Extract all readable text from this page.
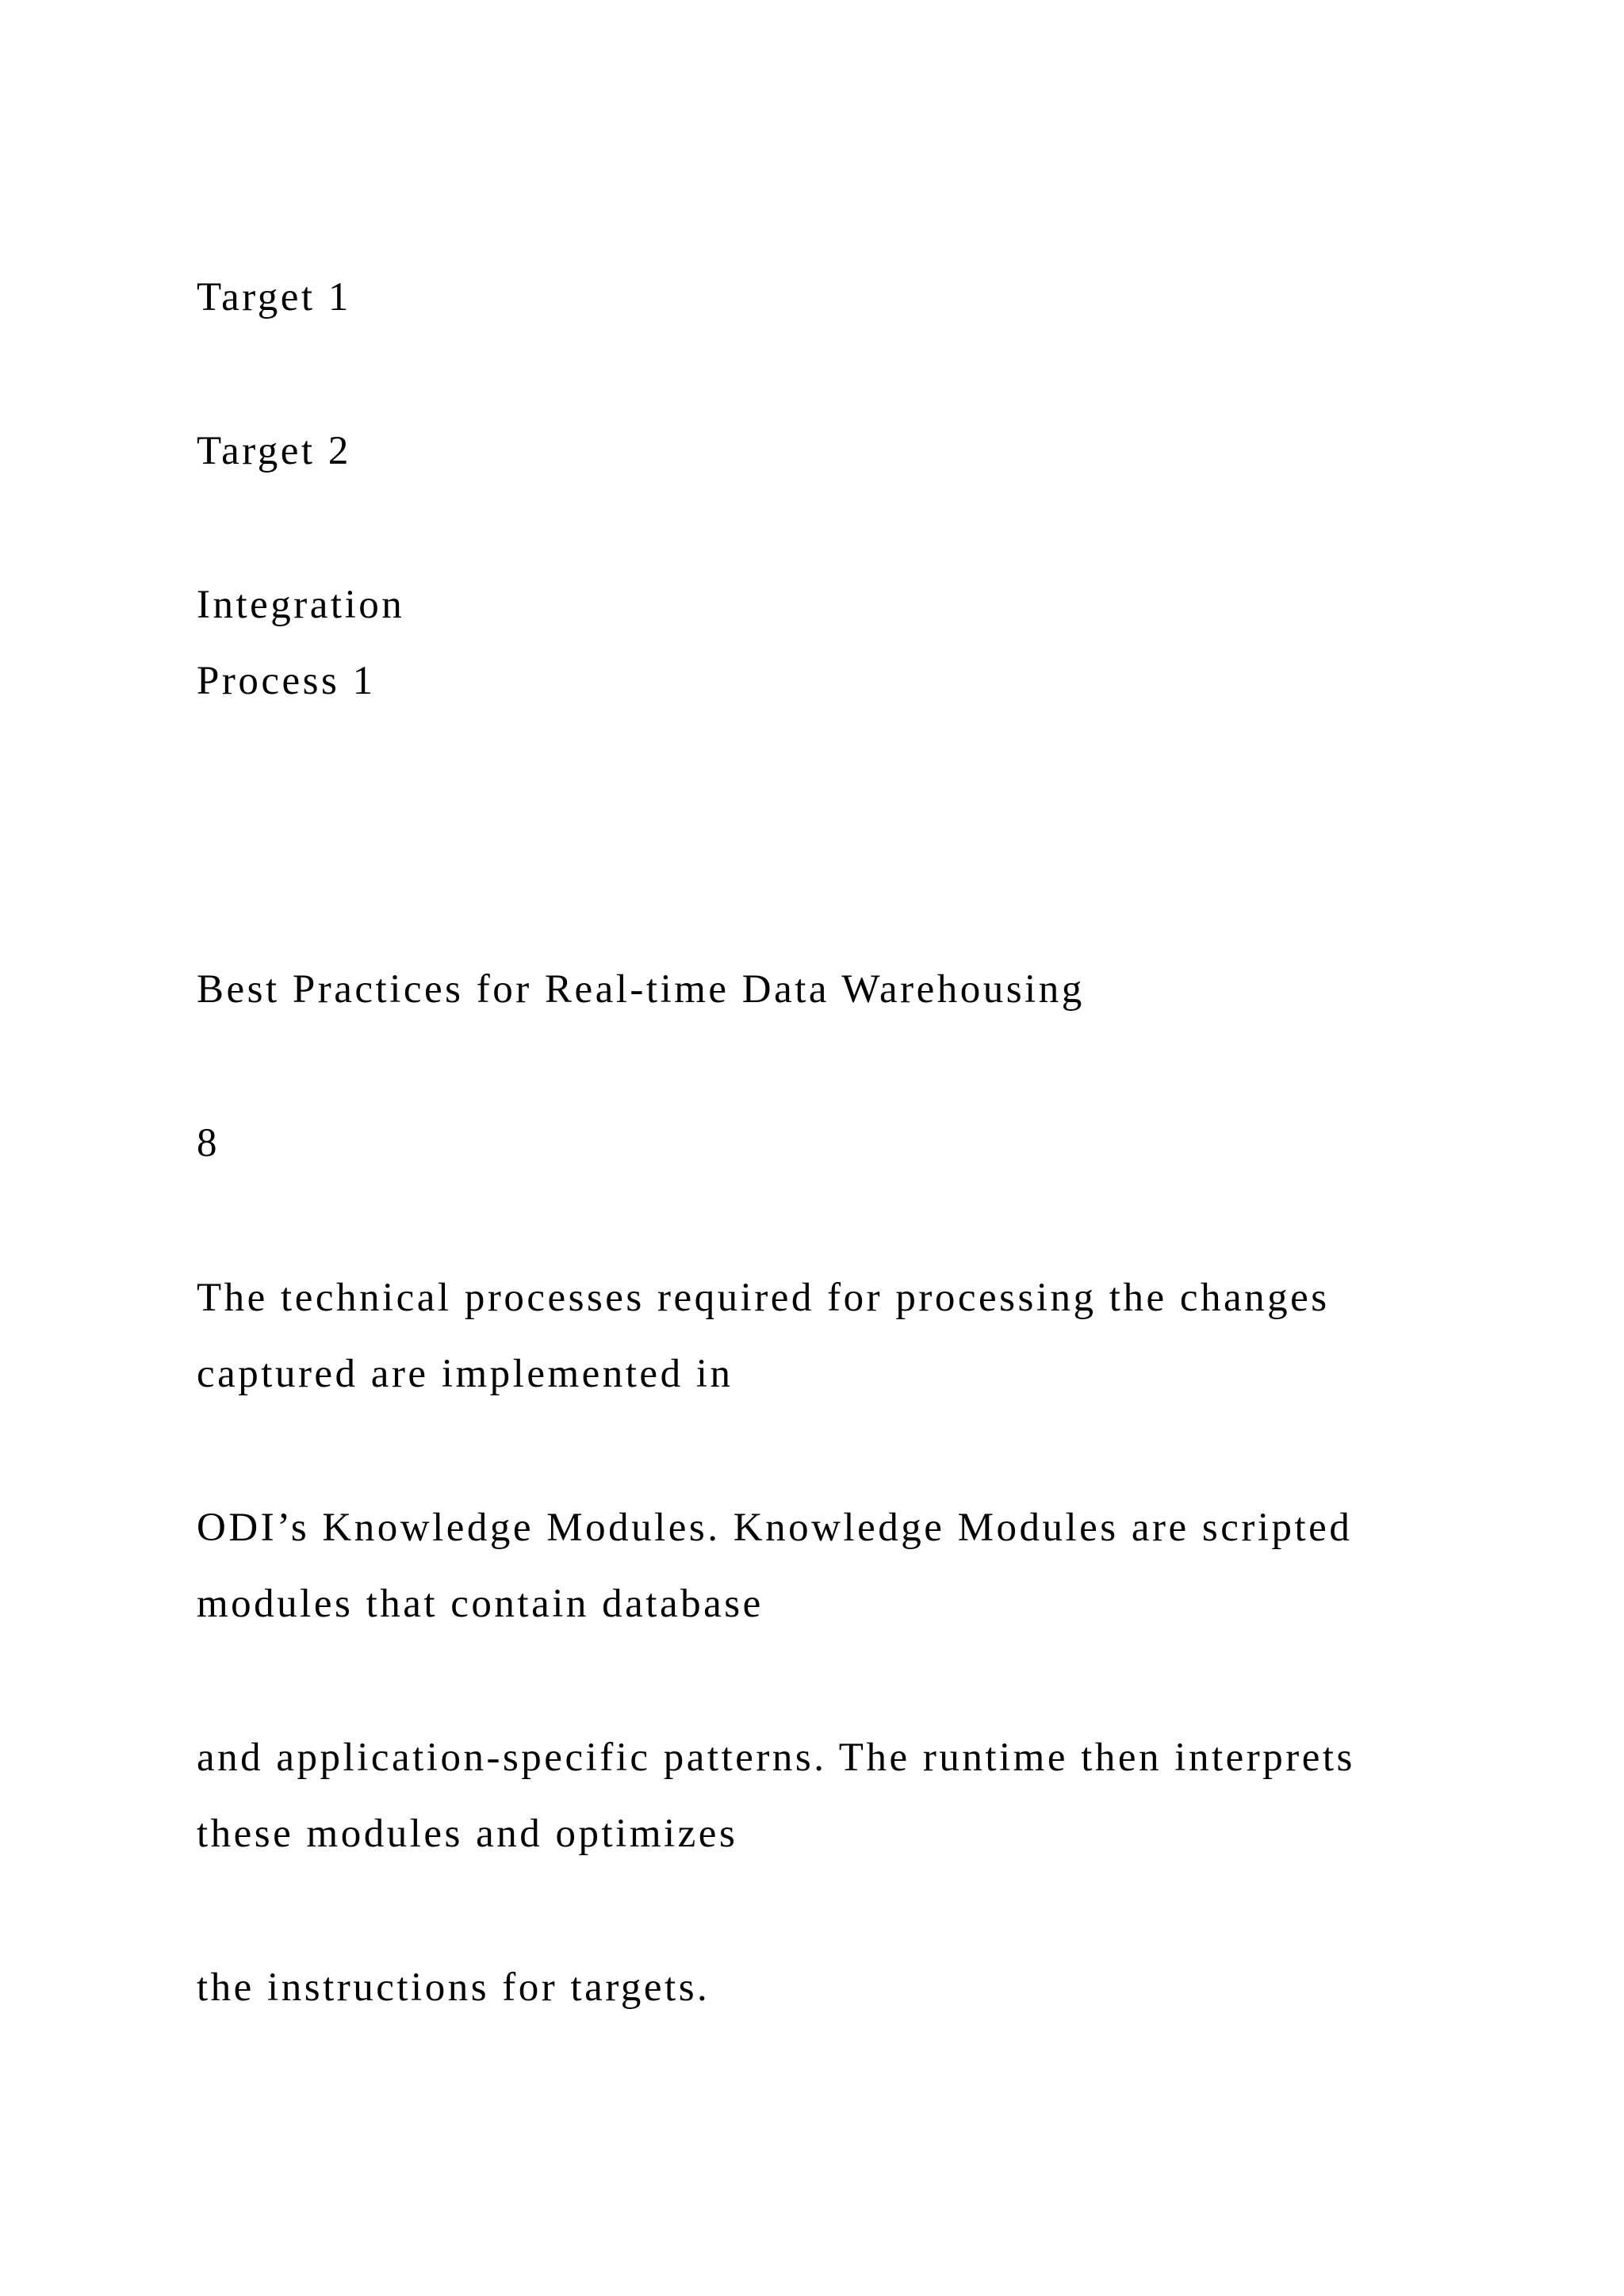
Target 1

Target 2

Integration

Process 1

Best Practices for Real-time Data Warehousing

8

The technical processes required for processing the changes

captured are implemented in

ODI’s Knowledge Modules. Knowledge Modules are scripted

modules that contain database

and application-specific patterns. The runtime then interprets

these modules and optimizes

the instructions for targets.
